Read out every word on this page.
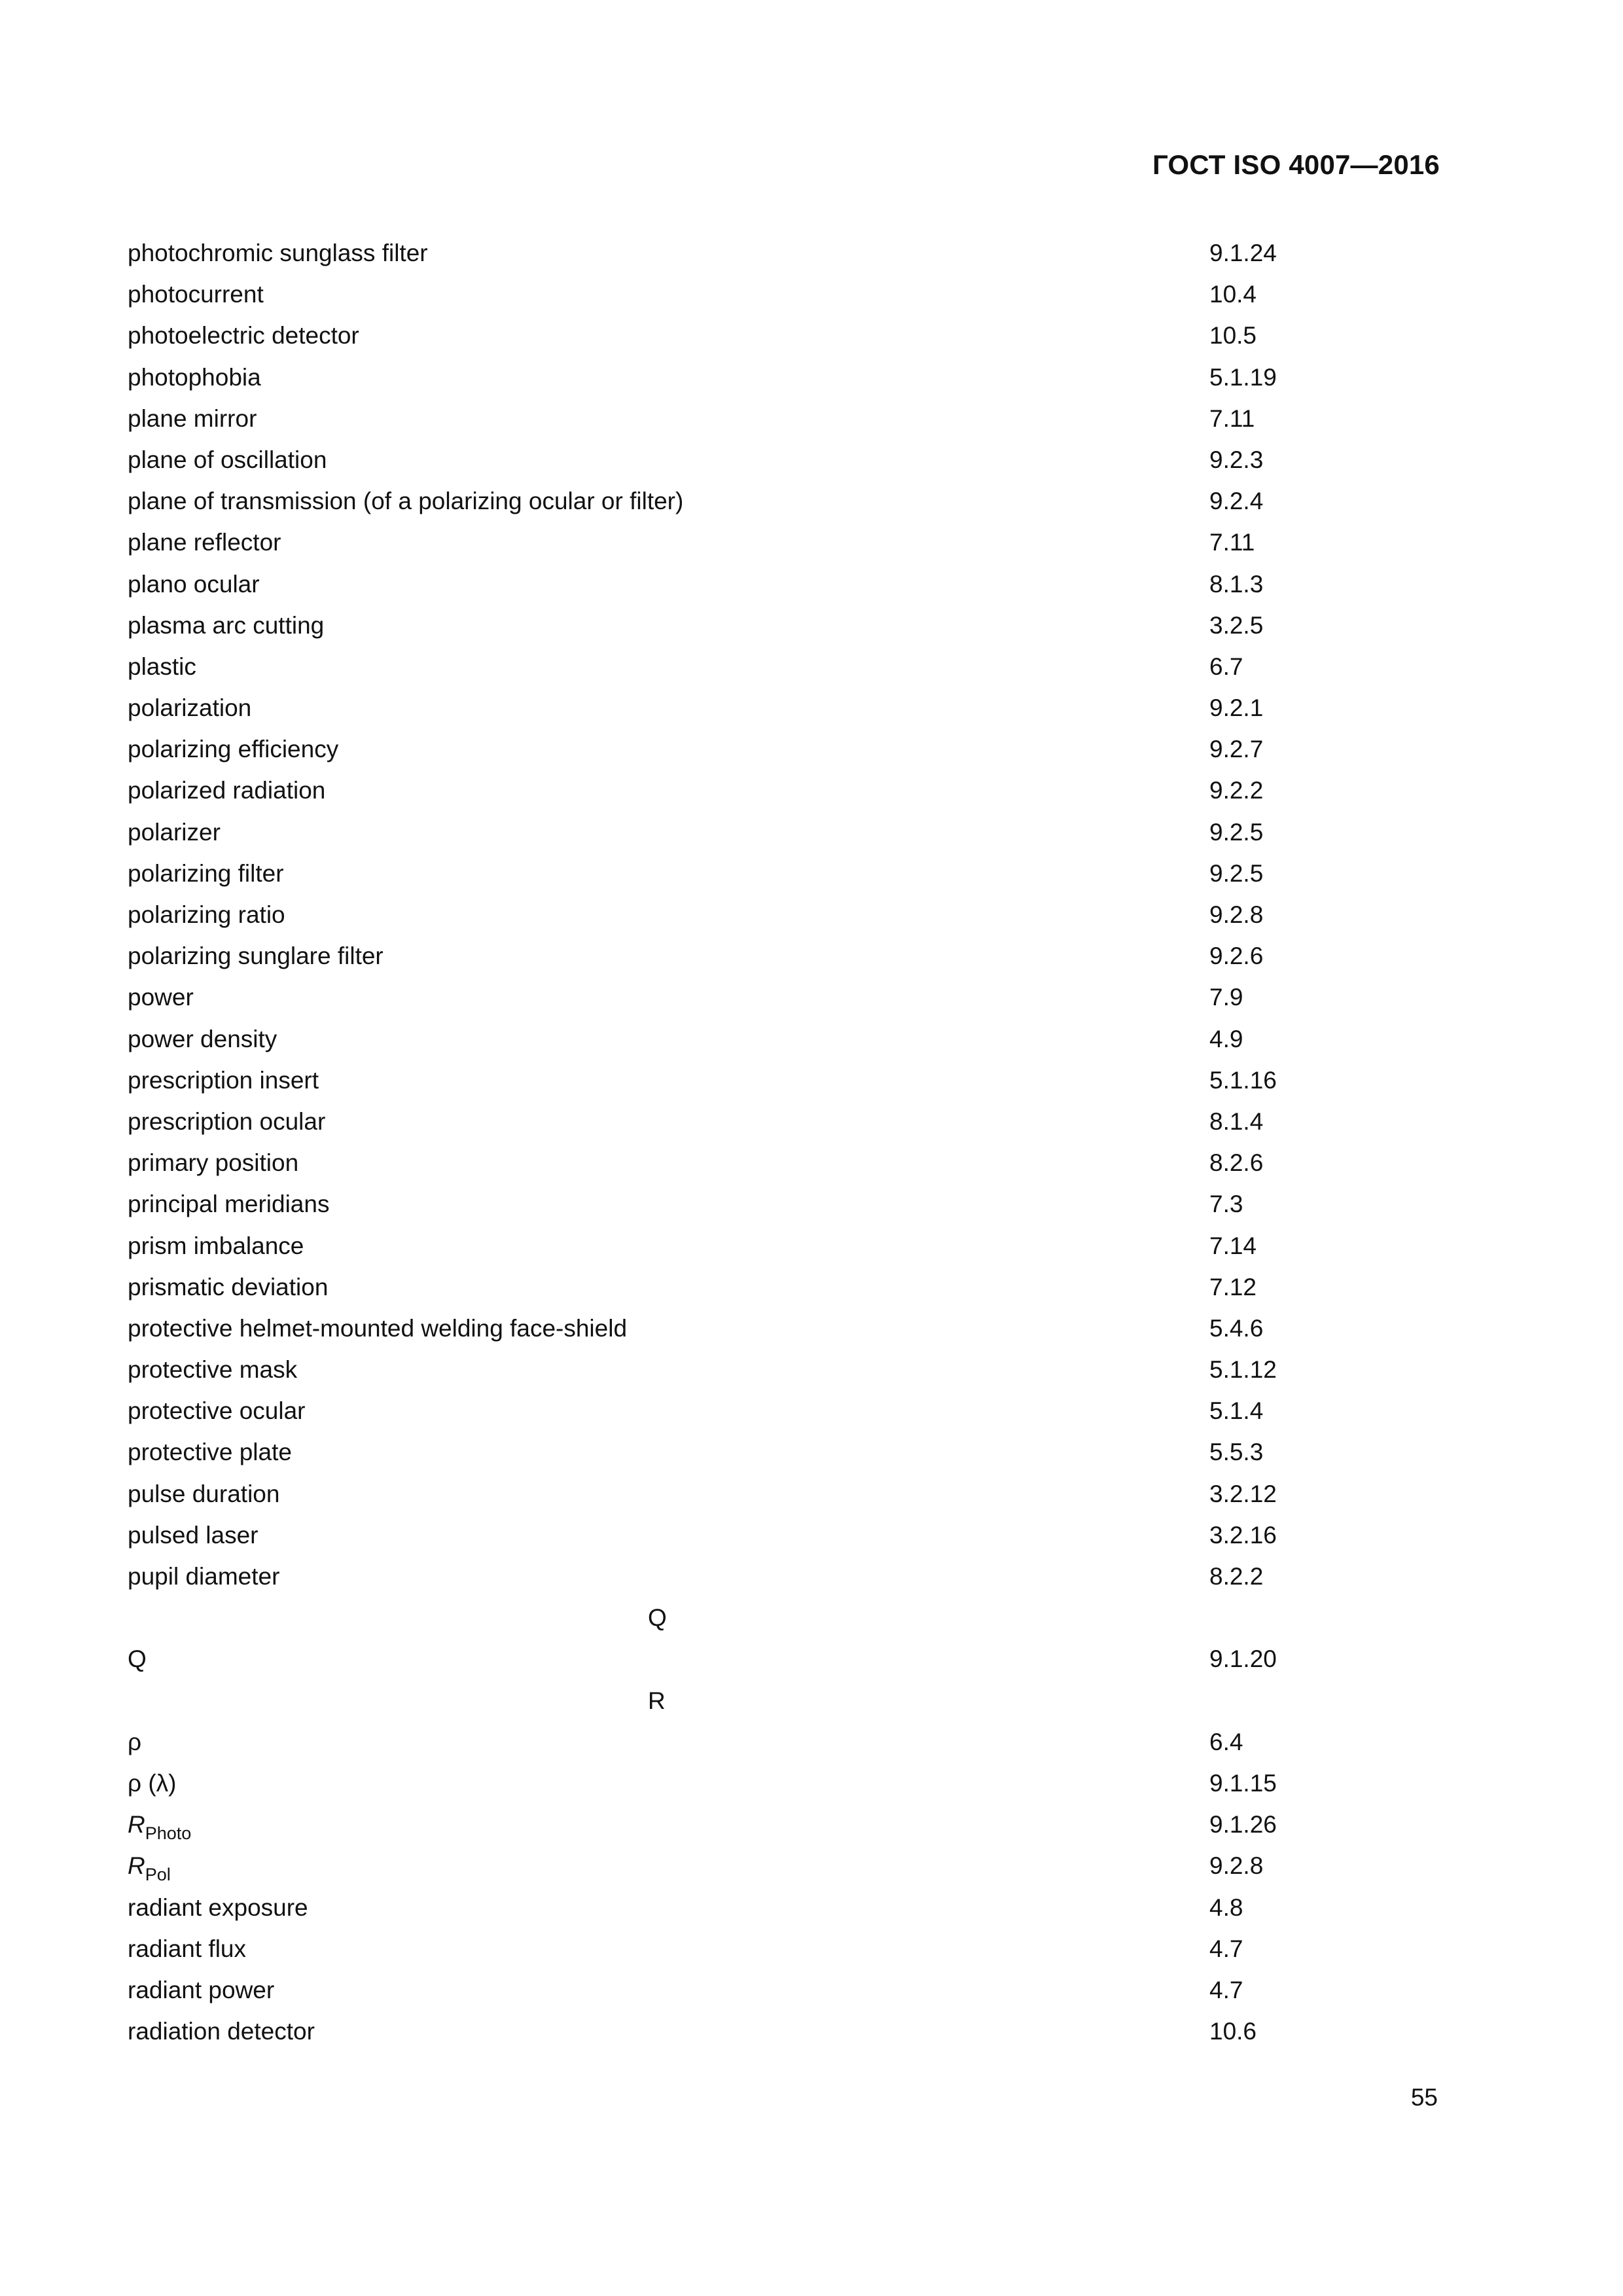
ГОСТ ISO 4007—2016
photochromic sunglass filter	9.1.24
photocurrent	10.4
photoelectric detector	10.5
photophobia	5.1.19
plane mirror	7.11
plane of oscillation	9.2.3
plane of transmission (of a polarizing ocular or filter)	9.2.4
plane reflector	7.11
plano ocular	8.1.3
plasma arc cutting	3.2.5
plastic	6.7
polarization	9.2.1
polarizing efficiency	9.2.7
polarized radiation	9.2.2
polarizer	9.2.5
polarizing filter	9.2.5
polarizing ratio	9.2.8
polarizing sunglare filter	9.2.6
power	7.9
power density	4.9
prescription insert	5.1.16
prescription ocular	8.1.4
primary position	8.2.6
principal meridians	7.3
prism imbalance	7.14
prismatic deviation	7.12
protective helmet-mounted welding face-shield	5.4.6
protective mask	5.1.12
protective ocular	5.1.4
protective plate	5.5.3
pulse duration	3.2.12
pulsed laser	3.2.16
pupil diameter	8.2.2
Q
Q	9.1.20
R
ρ	6.4
ρ (λ)	9.1.15
$R_{Photo}$	9.1.26
$R_{Pol}$	9.2.8
radiant exposure	4.8
radiant flux	4.7
radiant power	4.7
radiation detector	10.6
55
